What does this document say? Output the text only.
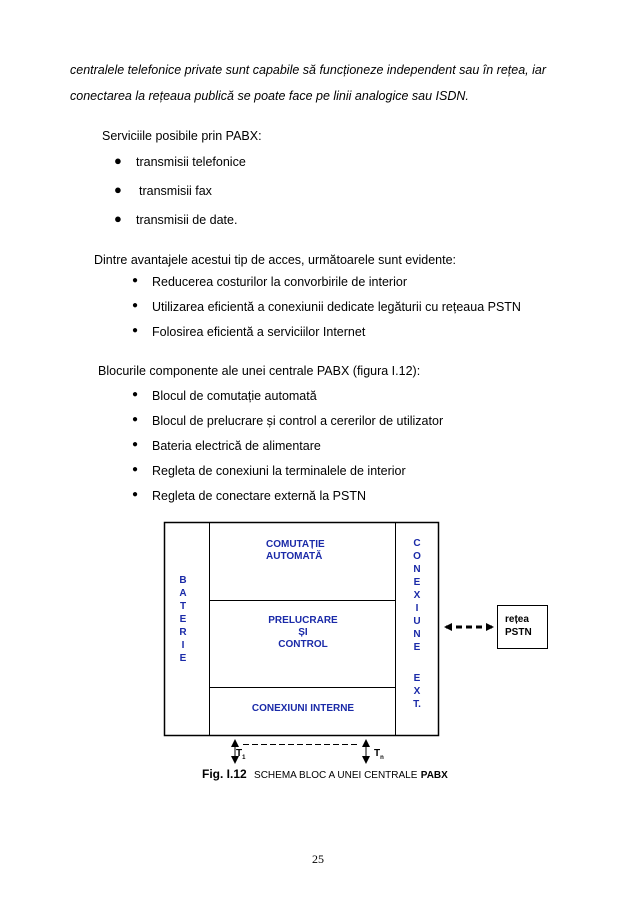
centralele telefonice private sunt capabile să funcționeze independent sau în rețea, iar
conectarea la rețeaua publică se poate face pe linii analogice sau ISDN.
Serviciile posibile prin PABX:
● transmisii telefonice
● transmisii fax
● transmisii de date.
Dintre avantajele acestui tip de acces, următoarele sunt evidente:
● Reducerea costurilor la convorbirile de interior
● Utilizarea eficientă a conexiunii dedicate legăturii cu rețeaua PSTN
● Folosirea eficientă a serviciilor Internet
Blocurile componente ale unei centrale PABX (figura I.12):
● Blocul de comutație automată
● Blocul de prelucrare și control a cererilor de utilizator
● Bateria electrică de alimentare
● Regleta de conexiuni la terminalele de interior
● Regleta de conectare externă la PSTN
B
A
T
E
R
I
E
COMUTAȚIE
AUTOMATĂ
PRELUCRARE
ȘI
CONTROL
CONEXIUNI INTERNE
C
O
N
E
X
I
U
N
E
E
X
T.
rețea
PSTN
$T_1$	$T_n$
Fig. I.12 SCHEMA BLOC A UNEI CENTRALE PABX
25
